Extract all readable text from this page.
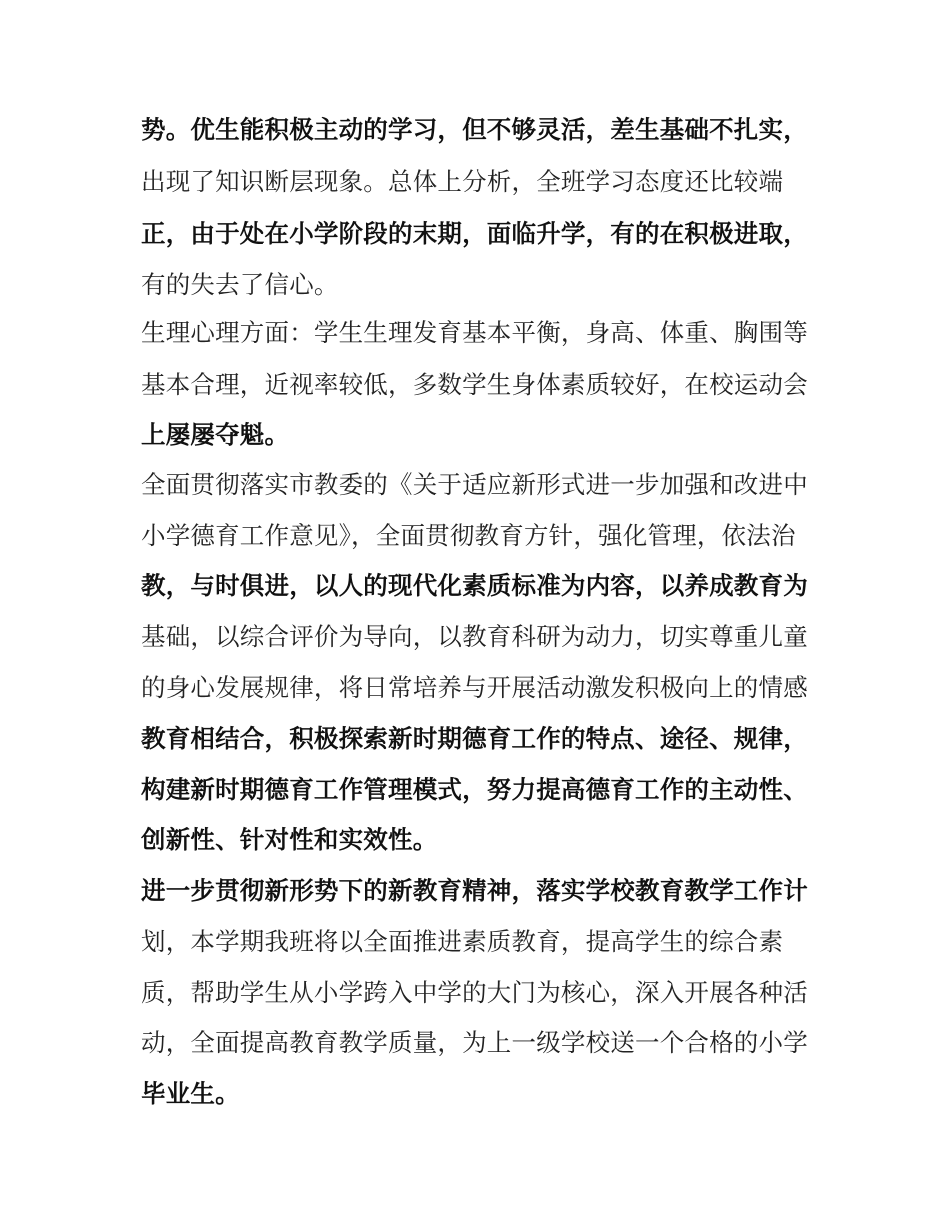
势。优生能积极主动的学习，但不够灵活，差生基础不扎实，
出现了知识断层现象。总体上分析，全班学习态度还比较端
正，由于处在小学阶段的末期，面临升学，有的在积极进取，
有的失去了信心。
生理心理方面：学生生理发育基本平衡，身高、体重、胸围等
基本合理，近视率较低，多数学生身体素质较好，在校运动会
上屡屡夺魁。
全面贯彻落实市教委的《关于适应新形式进一步加强和改进中
小学德育工作意见》，全面贯彻教育方针，强化管理，依法治
教，与时俱进，以人的现代化素质标准为内容，以养成教育为
基础，以综合评价为导向，以教育科研为动力，切实尊重儿童
的身心发展规律，将日常培养与开展活动激发积极向上的情感
教育相结合，积极探索新时期德育工作的特点、途径、规律，
构建新时期德育工作管理模式，努力提高德育工作的主动性、
创新性、针对性和实效性。
进一步贯彻新形势下的新教育精神，落实学校教育教学工作计
划，本学期我班将以全面推进素质教育，提高学生的综合素
质，帮助学生从小学跨入中学的大门为核心，深入开展各种活
动，全面提高教育教学质量，为上一级学校送一个合格的小学
毕业生。
